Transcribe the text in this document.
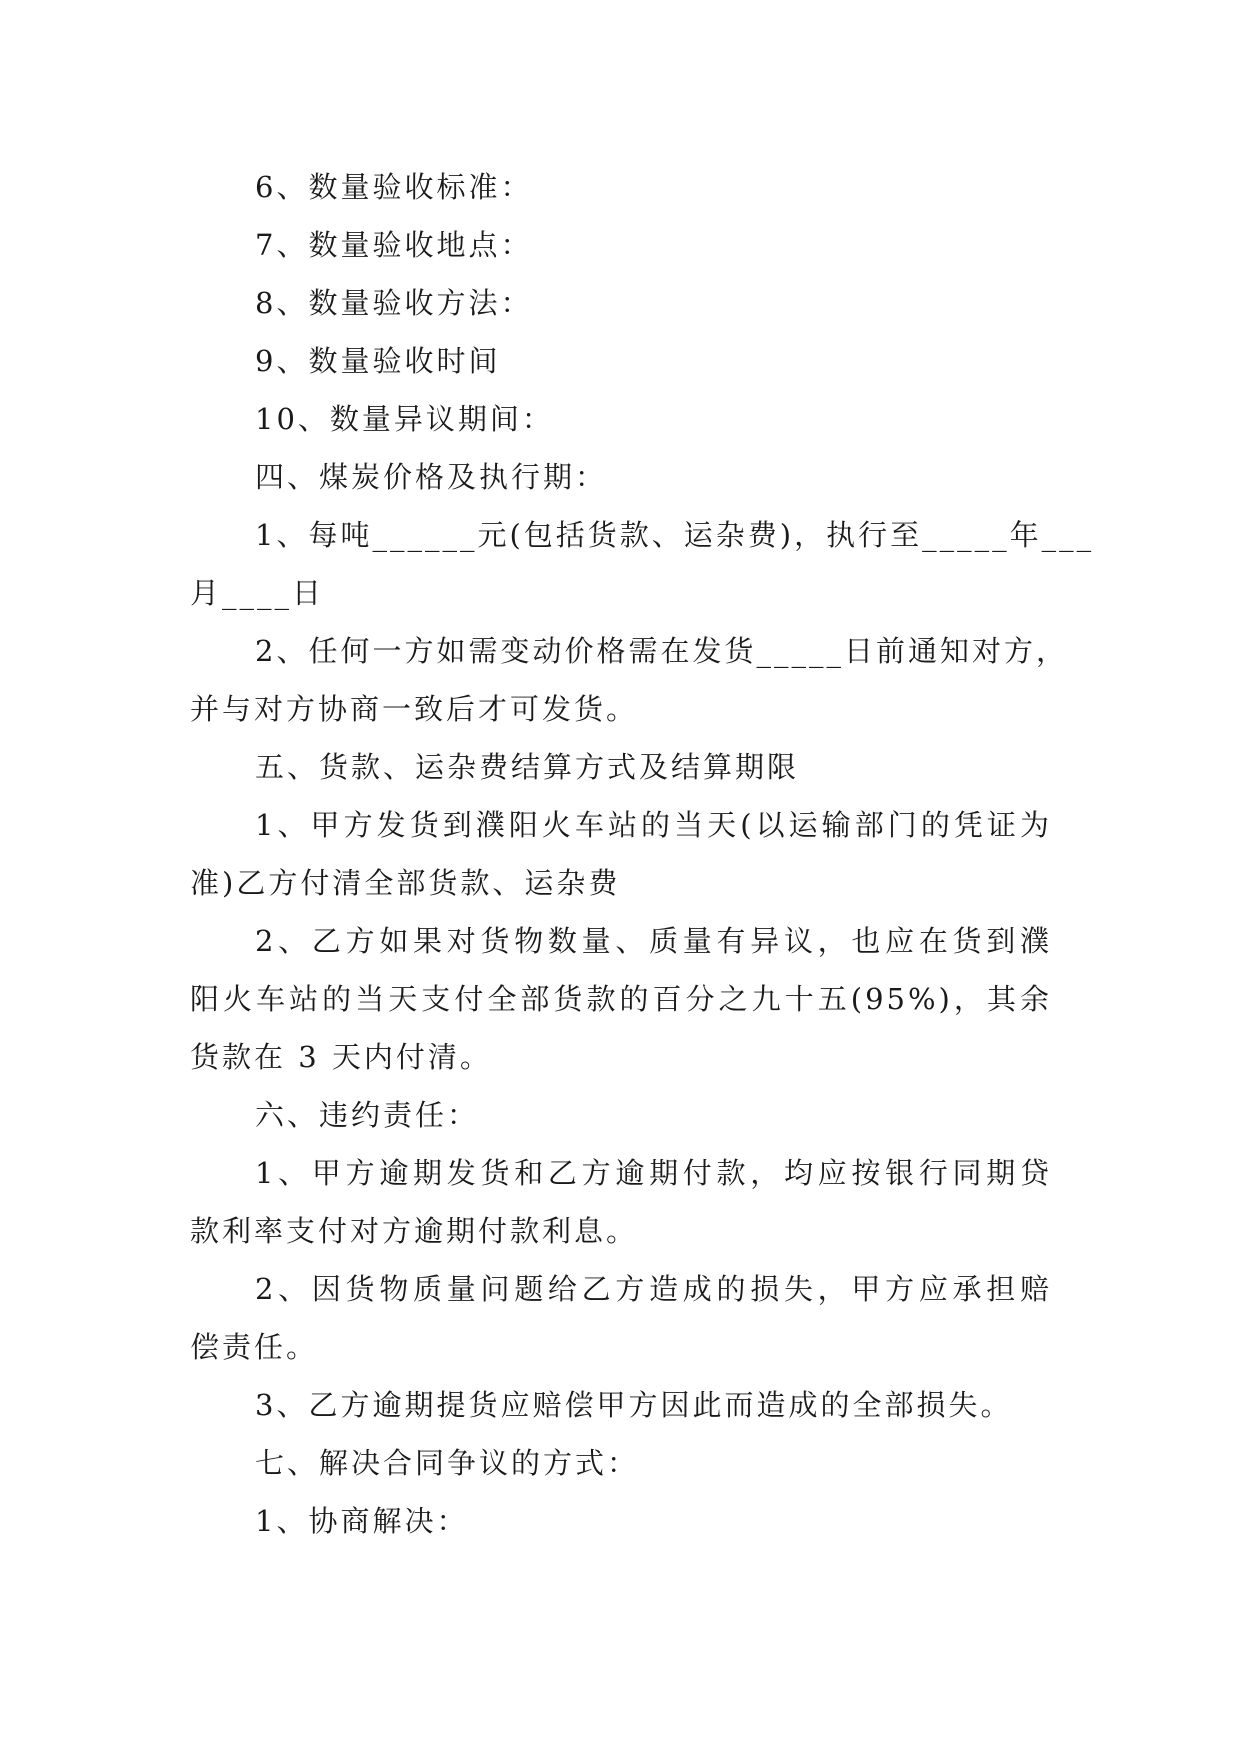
6、数量验收标准：
7、数量验收地点：
8、数量验收方法：
9、数量验收时间
10、数量异议期间：
四、煤炭价格及执行期：
1、每吨______元(包括货款、运杂费)，执行至_____年___
月____日
2、任何一方如需变动价格需在发货_____日前通知对方，
并与对方协商一致后才可发货。
五、货款、运杂费结算方式及结算期限
1、甲方发货到濮阳火车站的当天(以运输部门的凭证为
准)乙方付清全部货款、运杂费
2、乙方如果对货物数量、质量有异议，也应在货到濮
阳火车站的当天支付全部货款的百分之九十五(95%)，其余
货款在 3 天内付清。
六、违约责任：
1、甲方逾期发货和乙方逾期付款，均应按银行同期贷
款利率支付对方逾期付款利息。
2、因货物质量问题给乙方造成的损失，甲方应承担赔
偿责任。
3、乙方逾期提货应赔偿甲方因此而造成的全部损失。
七、解决合同争议的方式：
1、协商解决：
